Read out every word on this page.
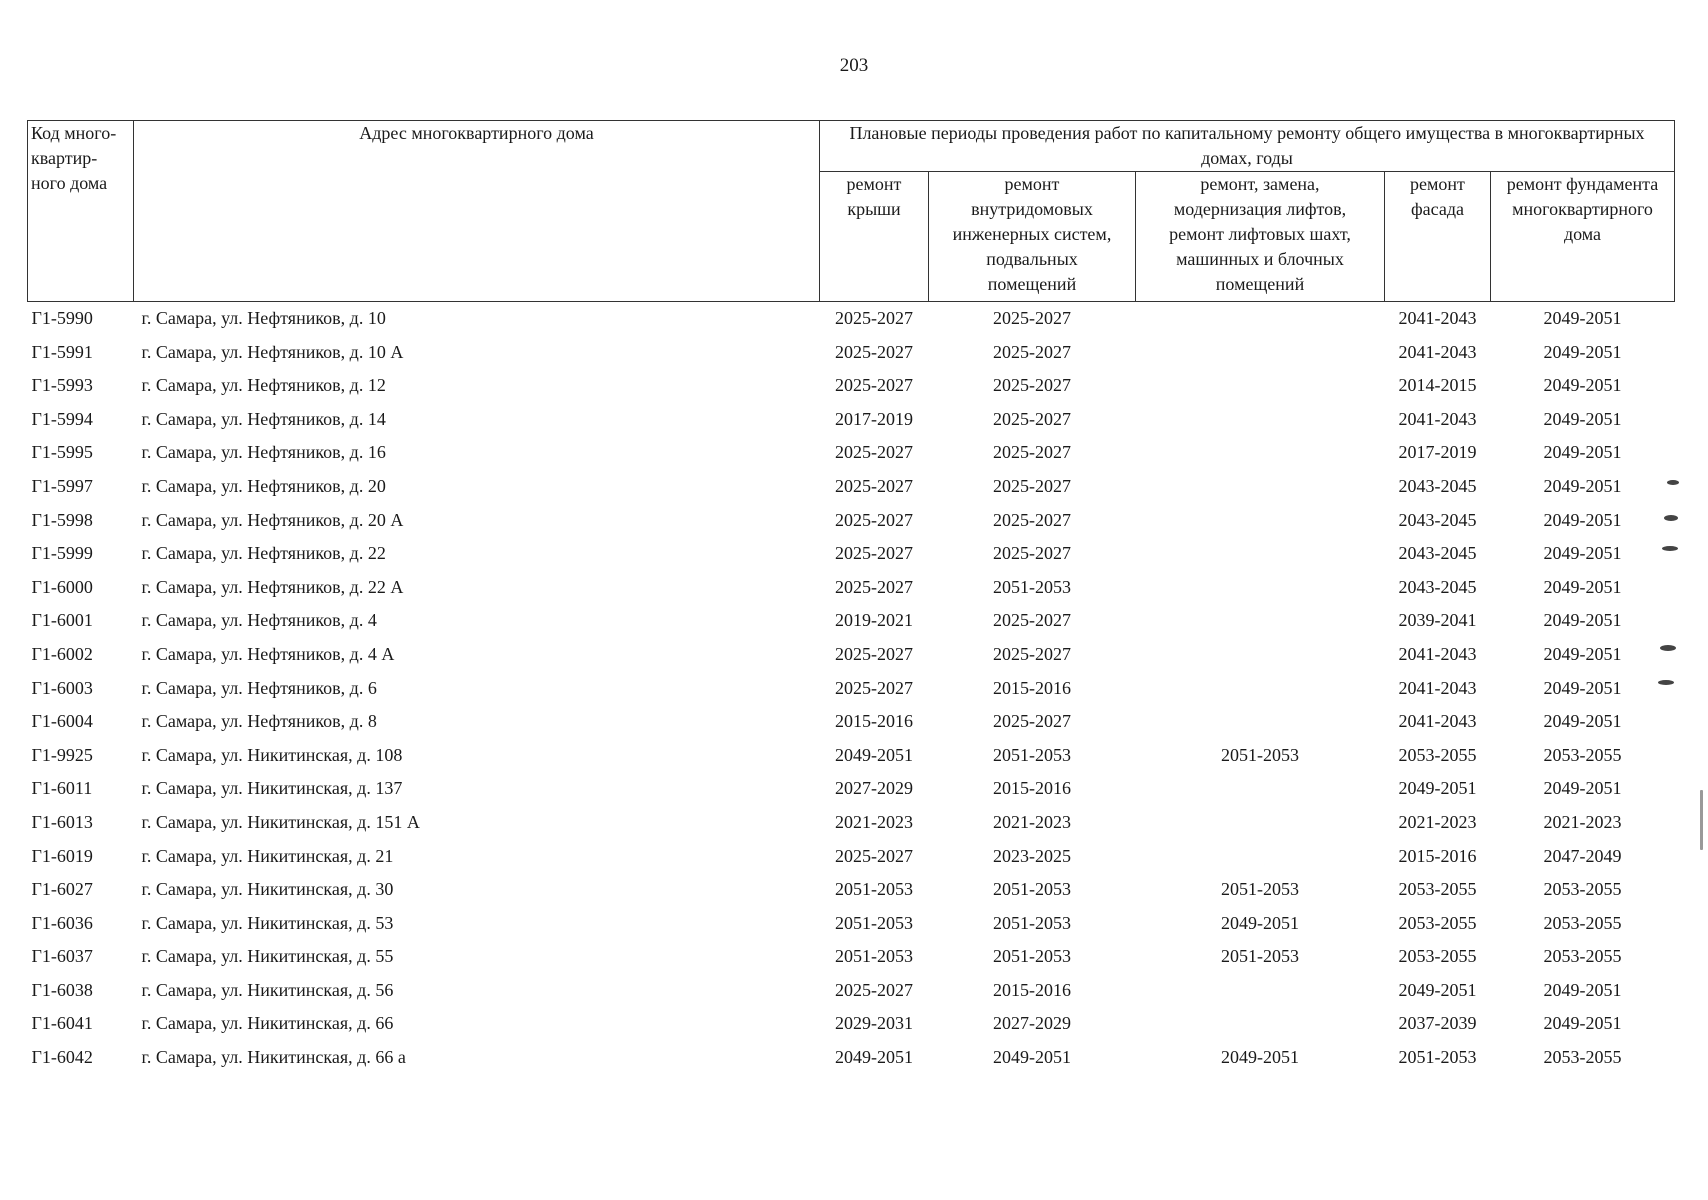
203
Код много-
квартир-
ного дома	Адрес многоквартирного дома	Плановые периоды проведения работ по капитальному ремонту общего имущества в многоквартирных домах, годы				
		ремонт
крыши	ремонт
внутридомовых
инженерных систем,
подвальных
помещений	ремонт, замена,
модернизация лифтов,
ремонт лифтовых шахт,
машинных и блочных
помещений	ремонт
фасада	ремонт фундамента
многоквартирного
дома
Г1-5990	г. Самара, ул. Нефтяников, д. 10	2025-2027	2025-2027		2041-2043	2049-2051
Г1-5991	г. Самара, ул. Нефтяников, д. 10 А	2025-2027	2025-2027		2041-2043	2049-2051
Г1-5993	г. Самара, ул. Нефтяников, д. 12	2025-2027	2025-2027		2014-2015	2049-2051
Г1-5994	г. Самара, ул. Нефтяников, д. 14	2017-2019	2025-2027		2041-2043	2049-2051
Г1-5995	г. Самара, ул. Нефтяников, д. 16	2025-2027	2025-2027		2017-2019	2049-2051
Г1-5997	г. Самара, ул. Нефтяников, д. 20	2025-2027	2025-2027		2043-2045	2049-2051
Г1-5998	г. Самара, ул. Нефтяников, д. 20 А	2025-2027	2025-2027		2043-2045	2049-2051
Г1-5999	г. Самара, ул. Нефтяников, д. 22	2025-2027	2025-2027		2043-2045	2049-2051
Г1-6000	г. Самара, ул. Нефтяников, д. 22 А	2025-2027	2051-2053		2043-2045	2049-2051
Г1-6001	г. Самара, ул. Нефтяников, д. 4	2019-2021	2025-2027		2039-2041	2049-2051
Г1-6002	г. Самара, ул. Нефтяников, д. 4 А	2025-2027	2025-2027		2041-2043	2049-2051
Г1-6003	г. Самара, ул. Нефтяников, д. 6	2025-2027	2015-2016		2041-2043	2049-2051
Г1-6004	г. Самара, ул. Нефтяников, д. 8	2015-2016	2025-2027		2041-2043	2049-2051
Г1-9925	г. Самара, ул. Никитинская, д. 108	2049-2051	2051-2053	2051-2053	2053-2055	2053-2055
Г1-6011	г. Самара, ул. Никитинская, д. 137	2027-2029	2015-2016		2049-2051	2049-2051
Г1-6013	г. Самара, ул. Никитинская, д. 151 А	2021-2023	2021-2023		2021-2023	2021-2023
Г1-6019	г. Самара, ул. Никитинская, д. 21	2025-2027	2023-2025		2015-2016	2047-2049
Г1-6027	г. Самара, ул. Никитинская, д. 30	2051-2053	2051-2053	2051-2053	2053-2055	2053-2055
Г1-6036	г. Самара, ул. Никитинская, д. 53	2051-2053	2051-2053	2049-2051	2053-2055	2053-2055
Г1-6037	г. Самара, ул. Никитинская, д. 55	2051-2053	2051-2053	2051-2053	2053-2055	2053-2055
Г1-6038	г. Самара, ул. Никитинская, д. 56	2025-2027	2015-2016		2049-2051	2049-2051
Г1-6041	г. Самара, ул. Никитинская, д. 66	2029-2031	2027-2029		2037-2039	2049-2051
Г1-6042	г. Самара, ул. Никитинская, д. 66 а	2049-2051	2049-2051	2049-2051	2051-2053	2053-2055
